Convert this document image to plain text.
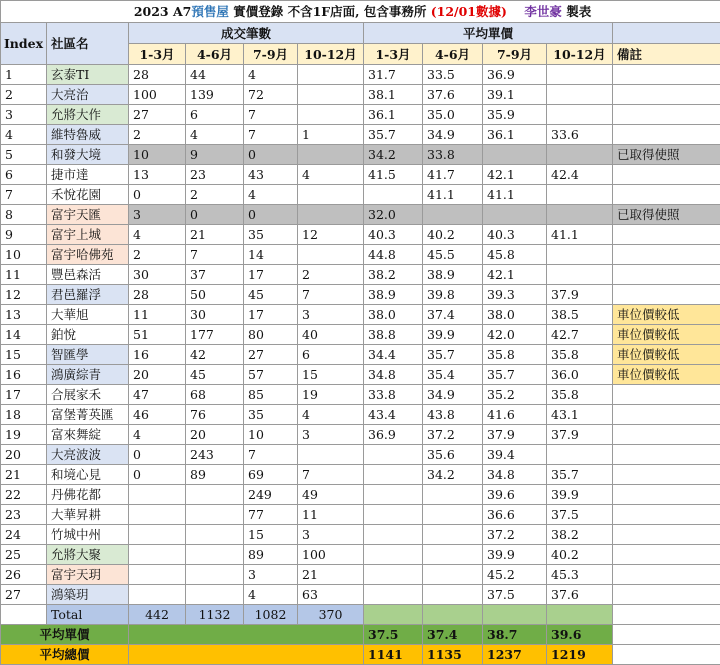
2023 A7預售屋 實價登錄 不含1F店面, 包含事務所 (12/01數據) 李世豪 製表										
Index	社區名	成交筆數				平均單價				
		1-3月	4-6月	7-9月	10-12月	1-3月	4-6月	7-9月	10-12月	備註
1	玄泰TI	28	44	4		31.7	33.5	36.9		
2	大亮治	100	139	72		38.1	37.6	39.1		
3	允將大作	27	6	7		36.1	35.0	35.9		
4	維特魯威	2	4	7	1	35.7	34.9	36.1	33.6	
5	和發大境	10	9	0		34.2	33.8			已取得使照
6	捷市達	13	23	43	4	41.5	41.7	42.1	42.4	
7	禾悅花園	0	2	4			41.1	41.1		
8	富宇天匯	3	0	0		32.0				已取得使照
9	富宇上城	4	21	35	12	40.3	40.2	40.3	41.1	
10	富宇哈佛苑	2	7	14		44.8	45.5	45.8		
11	豐邑森活	30	37	17	2	38.2	38.9	42.1		
12	君邑羅浮	28	50	45	7	38.9	39.8	39.3	37.9	
13	大華旭	11	30	17	3	38.0	37.4	38.0	38.5	車位價較低
14	鉑悅	51	177	80	40	38.8	39.9	42.0	42.7	車位價較低
15	智匯學	16	42	27	6	34.4	35.7	35.8	35.8	車位價較低
16	鴻廣綜青	20	45	57	15	34.8	35.4	35.7	36.0	車位價較低
17	合展家禾	47	68	85	19	33.8	34.9	35.2	35.8	
18	富堡菁英匯	46	76	35	4	43.4	43.8	41.6	43.1	
19	富來舞綻	4	20	10	3	36.9	37.2	37.9	37.9	
20	大亮波波	0	243	7			35.6	39.4		
21	和境心見	0	89	69	7		34.2	34.8	35.7	
22	丹佛花都			249	49			39.6	39.9	
23	大華昇耕			77	11			36.6	37.5	
24	竹城中州			15	3			37.2	38.2	
25	允將大聚			89	100			39.9	40.2	
26	富宇天玥			3	21			45.2	45.3	
27	鴻築玥			4	63			37.5	37.6	
	Total	442	1132	1082	370					
平均單價						37.5	37.4	38.7	39.6	
平均總價						1141	1135	1237	1219	
